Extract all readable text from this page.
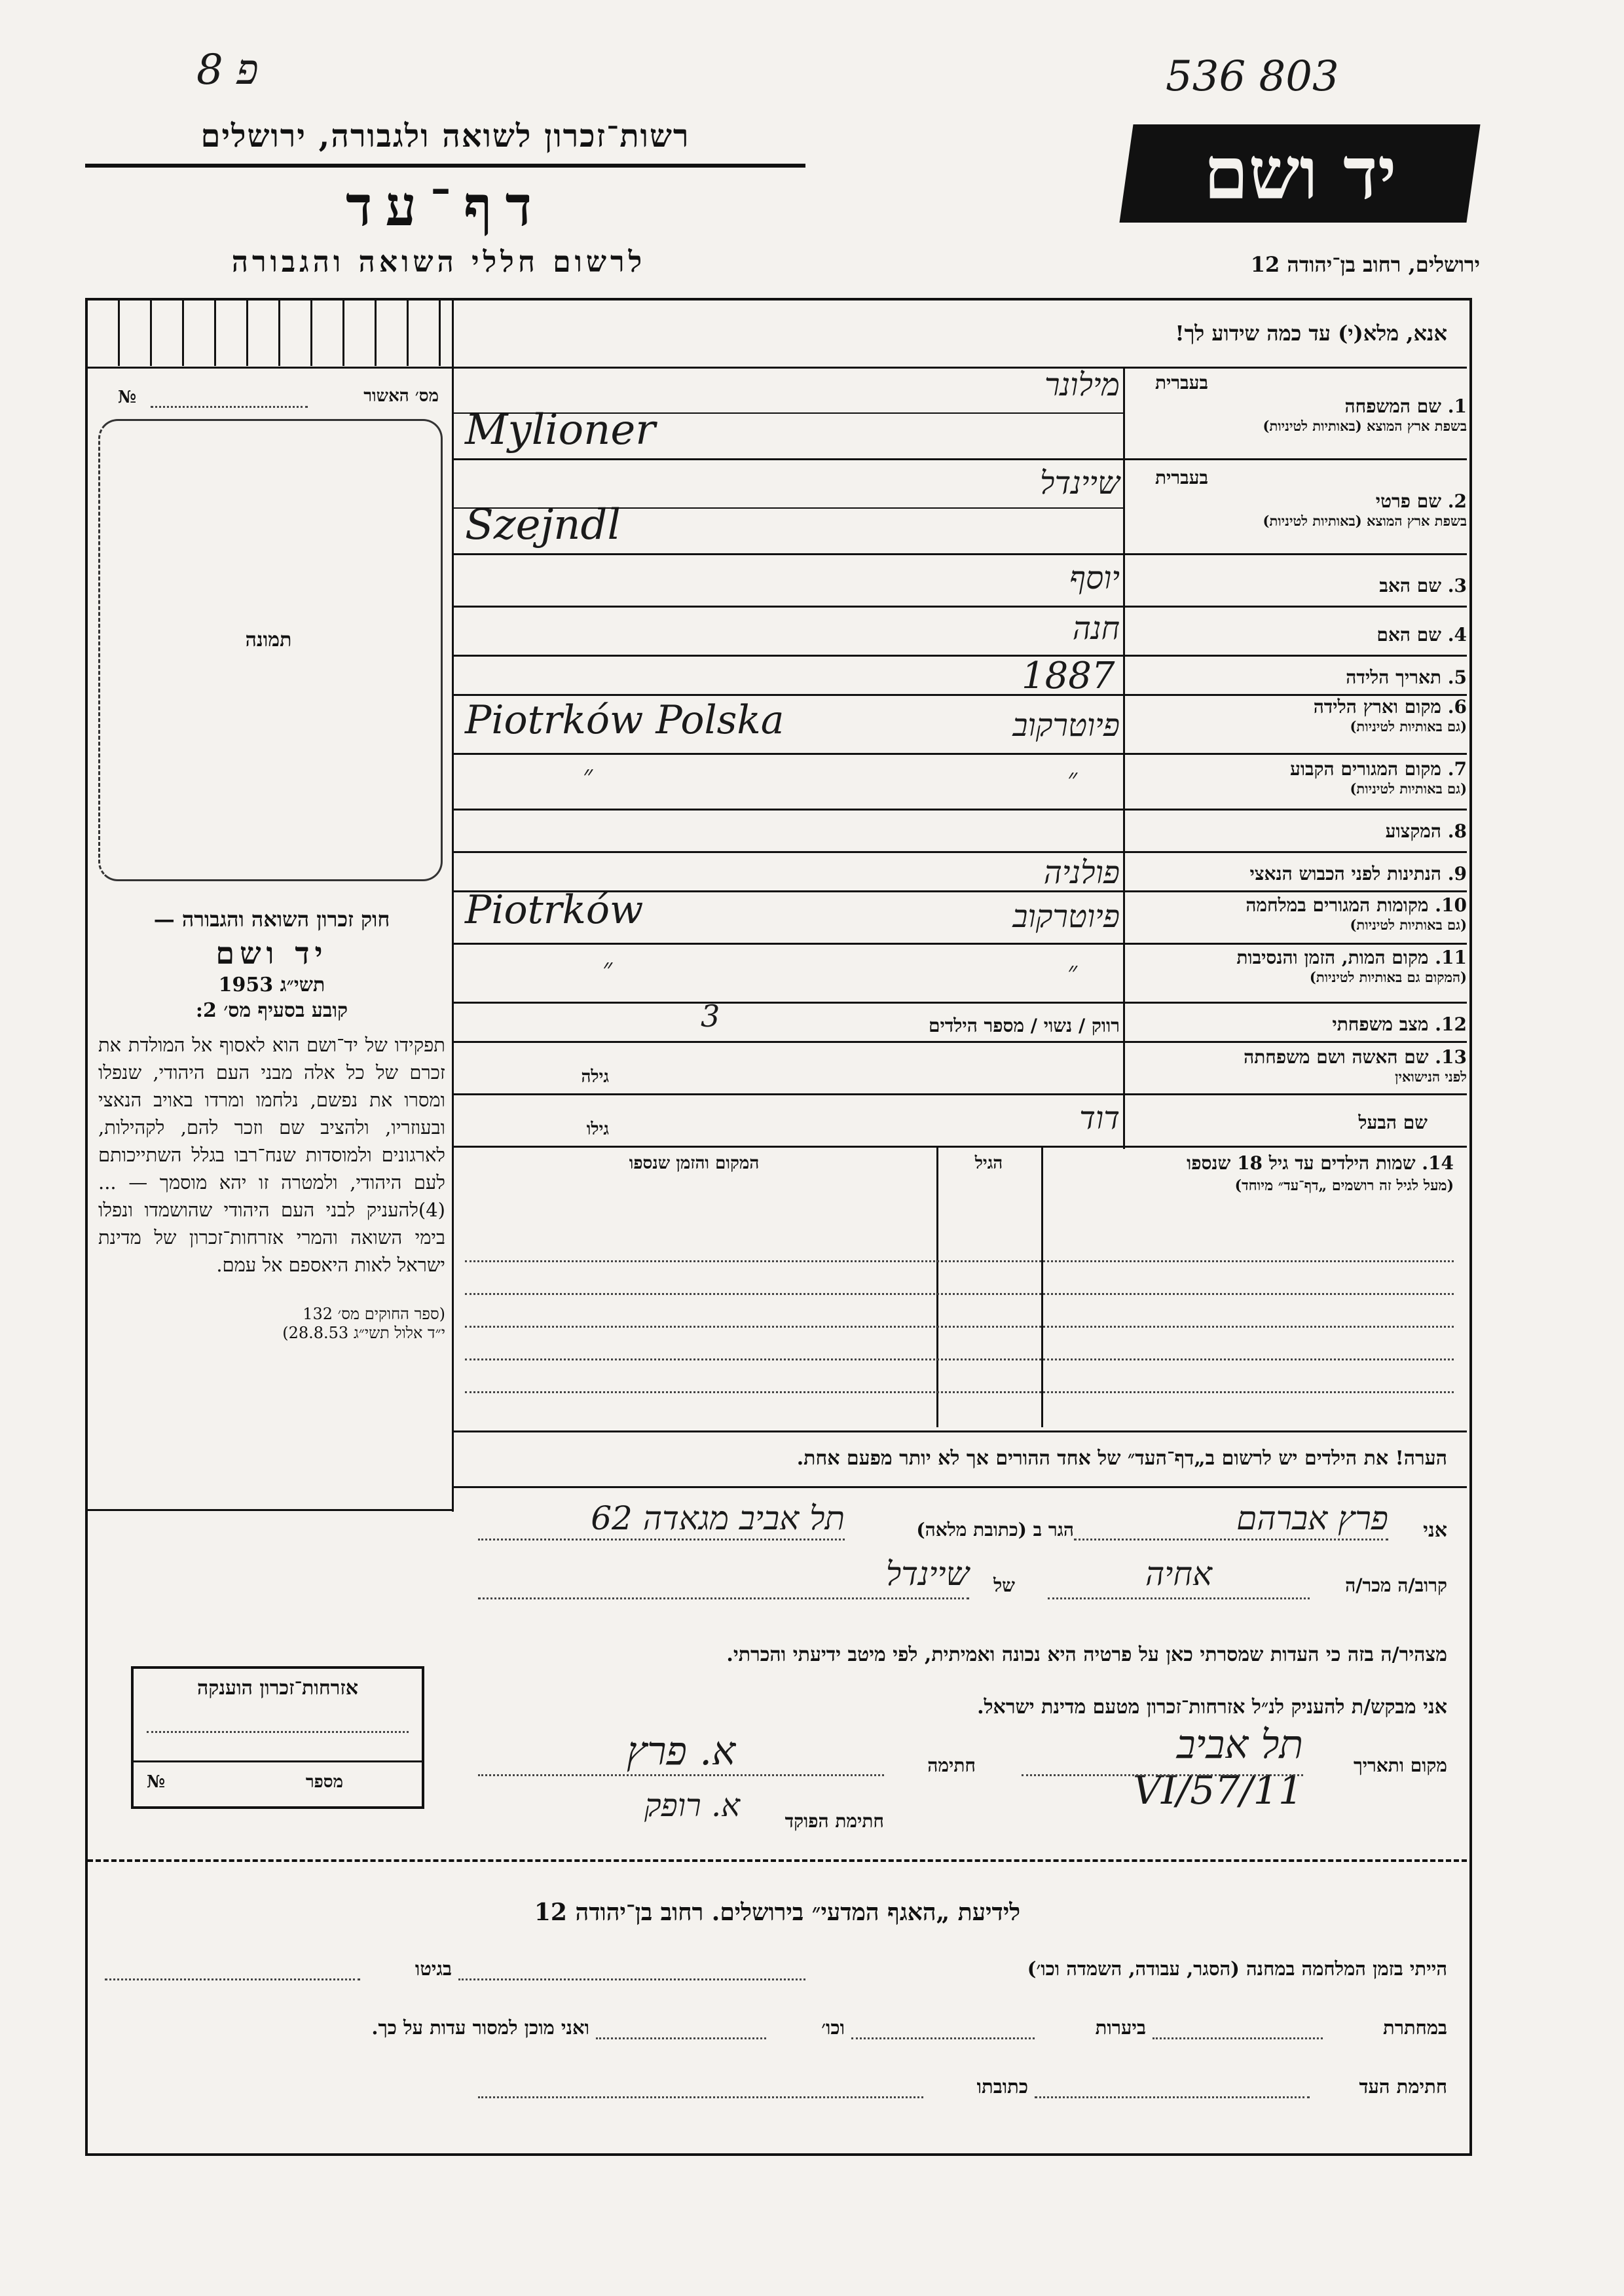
פ 8	536 803
רשות־זכרון לשואה ולגבורה, ירושלים
דף־עד
לרשום חללי השואה והגבורה
יד ושם
ירושלים, רחוב בן־יהודה 12
אנא, מלא(י) עד כמה שידוע לך!
מס׳ האשור
№
תמונה
חוק זכרון השואה והגבורה —
יד ושם
תשי״ג 1953
קובע בסעיף מס׳ 2:
תפקידו של יד־ושם הוא לאסוף אל המולדת את זכרם של כל אלה מבני העם היהודי, שנפלו ומסרו את נפשם, נלחמו ומרדו באויב הנאצי ובעוזריו, ולהציב שם וזכר להם, לקהילות, לארגונים ולמוסדות שנח־רבו בגלל השתייכותם לעם היהודי, ולמטרה זו יהא מוסמך — ...(4)להעניק לבני העם היהודי שהושמדו ונפלו בימי השואה והמרי אזרחות־זכרון של מדינת ישראל לאות היאספם אל עמם.
(ספר החוקים מס׳ 132
י״ד אלול תשי״ג 28.8.53)
בעברית
1. שם המשפחה
בשפת ארץ המוצא (באותיות לטיניות)
מילונר
Mylioner
בעברית
2. שם פרטי
בשפת ארץ המוצא (באותיות לטיניות)
שיינדל
Szejndl
3. שם האב
יוסף
4. שם האם
חנה
5. תאריך הלידה
1887
6. מקום וארץ הלידה
(גם באותיות לטיניות)
פיוטרקוב
Piotrków Polska
7. מקום המגורים הקבוע
(גם באותיות לטיניות)
״
״
8. המקצוע
9. הנתינות לפני הכבוש הנאצי
פולניה
10. מקומות המגורים במלחמה
(גם באותיות לטיניות)
פיוטרקוב
Piotrków
11. מקום המות, הזמן והנסיבות
(המקום גם באותיות לטיניות)
״
״
12. מצב משפחתי
רווק / נשוי / מספר הילדים
3
13. שם האשה ושם משפחתה
לפני הנישואין
גילה
שם הבעל
גילו	דוד
14. שמות הילדים עד גיל 18 שנספו
(מעל לגיל זה רושמים „דף־עד״ מיוחד)
הגיל
המקום והזמן שנספו
הערה! את הילדים יש לרשום ב„דף־העד״ של אחד ההורים אך לא יותר מפעם אחת.
אני
פרץ אברהם
הגר ב (כתובת מלאה)
תל אביב מגאדה 62
קרוב/ה מכר/ה
אחיה
של
שיינדל
מצהיר/ה בזה כי העדות שמסרתי כאן על פרטיה היא נכונה ואמיתית, לפי מיטב ידיעתי והכרתי.
אני מבקש/ת להעניק לנ״ל אזרחות־זכרון מטעם מדינת ישראל.
מקום ותאריך
תל אביב 11/VI/57
חתימה
א. פרץ
חתימת הפוקד
א. רופק
אזרחות־זכרון הוענקה
מספר
№
לידיעת „האגף המדעי״ בירושלים. רחוב בן־יהודה 12
הייתי בזמן המלחמה במחנה (הסגר, עבודה, השמדה וכו׳)
בגיטו
במחתרת
ביערות
וכו׳
ואני מוכן למסור עדות על כך.
חתימת העד
כתובתו
